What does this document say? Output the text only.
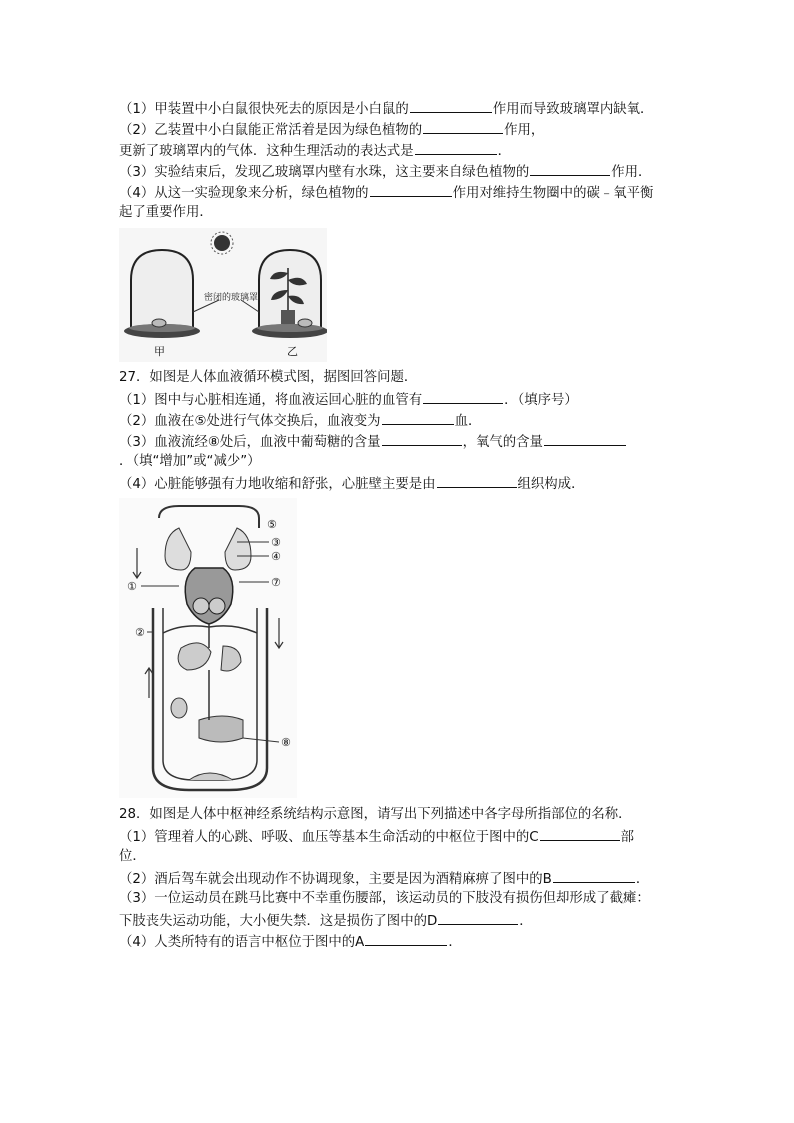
（1）甲装置中小白鼠很快死去的原因是小白鼠的	作用而导致玻璃罩内缺氧．
（2）乙装置中小白鼠能正常活着是因为绿色植物的	作用，
更新了玻璃罩内的气体．这种生理活动的表达式是	．
（3）实验结束后，发现乙玻璃罩内壁有水珠，这主要来自绿色植物的	作用．
（4）从这一实验现象来分析，绿色植物的	作用对维持生物圈中的碳﹣氧平衡
起了重要作用．
密闭的玻璃罩
甲	乙
27．如图是人体血液循环模式图，据图回答问题．
（1）图中与心脏相连通，将血液运回心脏的血管有	．（填序号）
（2）血液在⑤处进行气体交换后，血液变为	血．
（3）血液流经⑧处后，血液中葡萄糖的含量	，氧气的含量
．（填“增加”或“减少”）
（4）心脏能够强有力地收缩和舒张，心脏壁主要是由	组织构成．
③
④
⑦
①
②
⑤
⑧
28．如图是人体中枢神经系统结构示意图，请写出下列描述中各字母所指部位的名称．
（1）管理着人的心跳、呼吸、血压等基本生命活动的中枢位于图中的C	部
位．
（2）酒后驾车就会出现动作不协调现象，主要是因为酒精麻痹了图中的B	．
（3）一位运动员在跳马比赛中不幸重伤腰部，该运动员的下肢没有损伤但却形成了截瘫：
下肢丧失运动功能，大小便失禁．这是损伤了图中的D	．
（4）人类所特有的语言中枢位于图中的A	．
